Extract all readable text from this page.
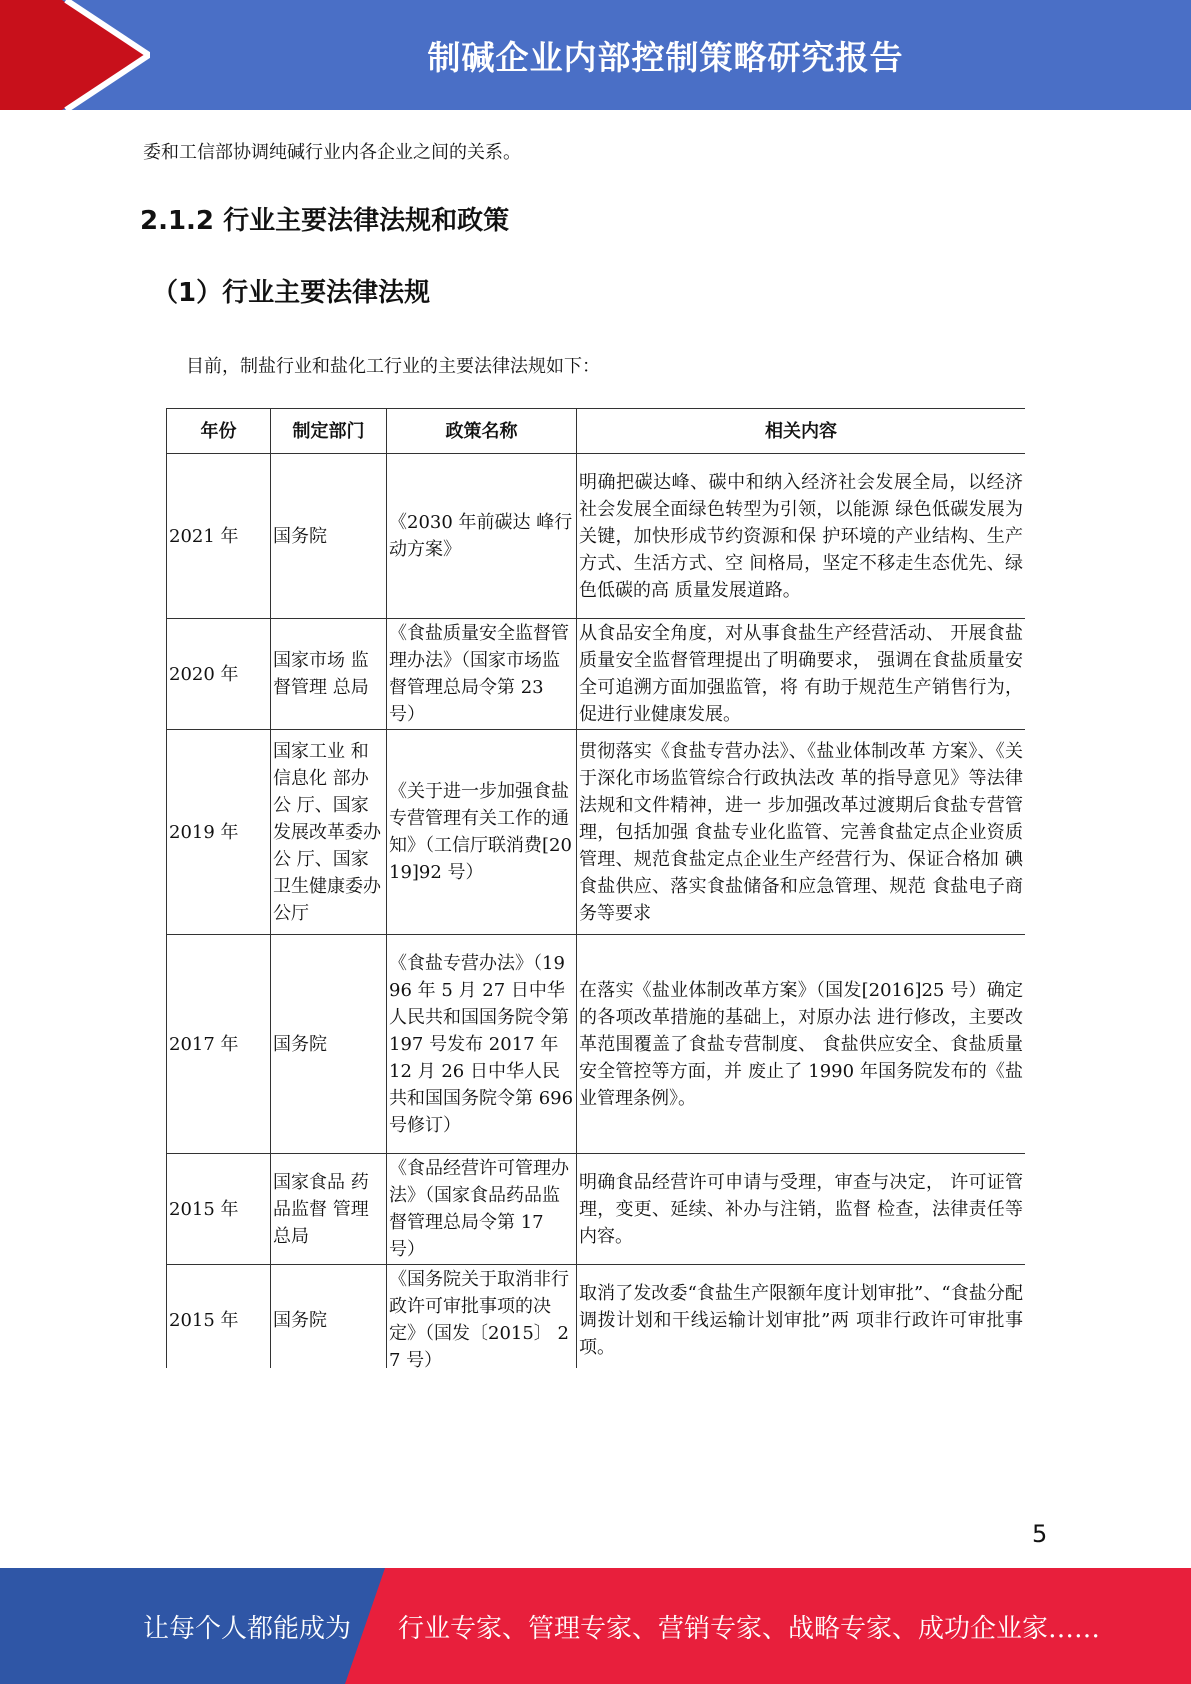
制碱企业内部控制策略研究报告
委和工信部协调纯碱行业内各企业之间的关系。
2.1.2 行业主要法律法规和政策
（1）行业主要法律法规
目前，制盐行业和盐化工行业的主要法律法规如下：
年份	制定部门	政策名称	相关内容
2021 年	国务院	《2030 年前碳达 峰行动方案》	明确把碳达峰、碳中和纳入经济社会发展全局，以经济社会发展全面绿色转型为引领，以能源 绿色低碳发展为关键，加快形成节约资源和保 护环境的产业结构、生产方式、生活方式、空 间格局，坚定不移走生态优先、绿色低碳的高 质量发展道路。

2020 年	国家市场 监督管理 总局	《食盐质量安全监督管理办法》（国家市场监督管理总局令第 23 号）	从食品安全角度，对从事食盐生产经营活动、 开展食盐质量安全监督管理提出了明确要求， 强调在食盐质量安全可追溯方面加强监管，将 有助于规范生产销售行为，促进行业健康发展。

2019 年	国家工业 和信息化 部办公 厅、国家发展改革委办公 厅、国家 卫生健康委办公厅	《关于进一步加强食盐专营管理有关工作的通知》（工信厅联消费[2019]92 号）	贯彻落实《食盐专营办法》、《盐业体制改革 方案》、《关于深化市场监管综合行政执法改 革的指导意见》等法律法规和文件精神，进一 步加强改革过渡期后食盐专营管理，包括加强 食盐专业化监管、完善食盐定点企业资质管理、规范食盐定点企业生产经营行为、保证合格加 碘食盐供应、落实食盐储备和应急管理、规范 食盐电子商务等要求

2017 年	国务院	《食盐专营办法》（1996 年 5 月 27 日中华人民共和国国务院令第 197 号发布 2017 年 12 月 26 日中华人民 共和国国务院令第 696 号修订）	在落实《盐业体制改革方案》（国发[2016]25 号）确定的各项改革措施的基础上，对原办法 进行修改，主要改革范围覆盖了食盐专营制度、 食盐供应安全、食盐质量安全管控等方面，并 废止了 1990 年国务院发布的《盐业管理条例》。

2015 年	国家食品 药品监督 管理总局	《食品经营许可管理办法》（国家食品药品监督管理总局令第 17 号）	明确食品经营许可申请与受理，审查与决定， 许可证管理，变更、延续、补办与注销，监督 检查，法律责任等内容。

2015 年	国务院	《国务院关于取消非行政许可审批事项的决定》（国发〔2015〕 27 号）	取消了发改委“食盐生产限额年度计划审批”、“食盐分配调拨计划和干线运输计划审批”两 项非行政许可审批事项。
5
让每个人都能成为 行业专家、管理专家、营销专家、战略专家、成功企业家……
